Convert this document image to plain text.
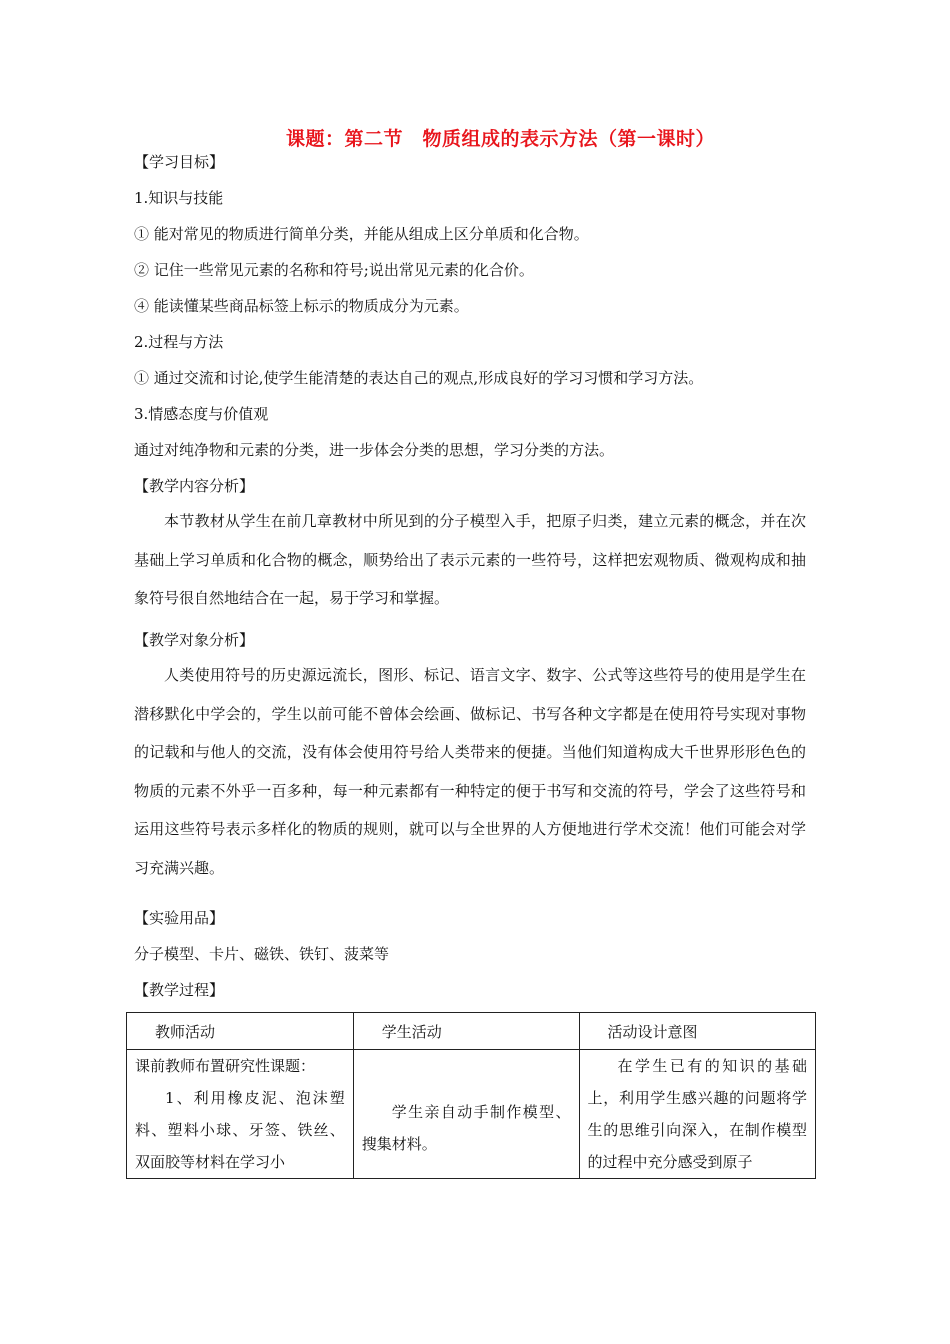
课题：第二节　物质组成的表示方法（第一课时）
【学习目标】
1.知识与技能
① 能对常见的物质进行简单分类，并能从组成上区分单质和化合物。
② 记住一些常见元素的名称和符号;说出常见元素的化合价。
④ 能读懂某些商品标签上标示的物质成分为元素。
2.过程与方法
① 通过交流和讨论,使学生能清楚的表达自己的观点,形成良好的学习习惯和学习方法。
3.情感态度与价值观
通过对纯净物和元素的分类，进一步体会分类的思想，学习分类的方法。
【教学内容分析】
本节教材从学生在前几章教材中所见到的分子模型入手，把原子归类，建立元素的概念，并在次基础上学习单质和化合物的概念，顺势给出了表示元素的一些符号，这样把宏观物质、微观构成和抽象符号很自然地结合在一起，易于学习和掌握。
【教学对象分析】
人类使用符号的历史源远流长，图形、标记、语言文字、数字、公式等这些符号的使用是学生在潜移默化中学会的，学生以前可能不曾体会绘画、做标记、书写各种文字都是在使用符号实现对事物的记载和与他人的交流，没有体会使用符号给人类带来的便捷。当他们知道构成大千世界形形色色的物质的元素不外乎一百多种，每一种元素都有一种特定的便于书写和交流的符号，学会了这些符号和运用这些符号表示多样化的物质的规则，就可以与全世界的人方便地进行学术交流！他们可能会对学习充满兴趣。
【实验用品】
分子模型、卡片、磁铁、铁钉、菠菜等
【教学过程】
教师活动	学生活动	活动设计意图

课前教师布置研究性课题：
1、利用橡皮泥、泡沫塑料、塑料小球、牙签、铁丝、双面胶等材料在学习小	学生亲自动手制作模型、搜集材料。	在学生已有的知识的基础上，利用学生感兴趣的问题将学生的思维引向深入，在制作模型的过程中充分感受到原子
